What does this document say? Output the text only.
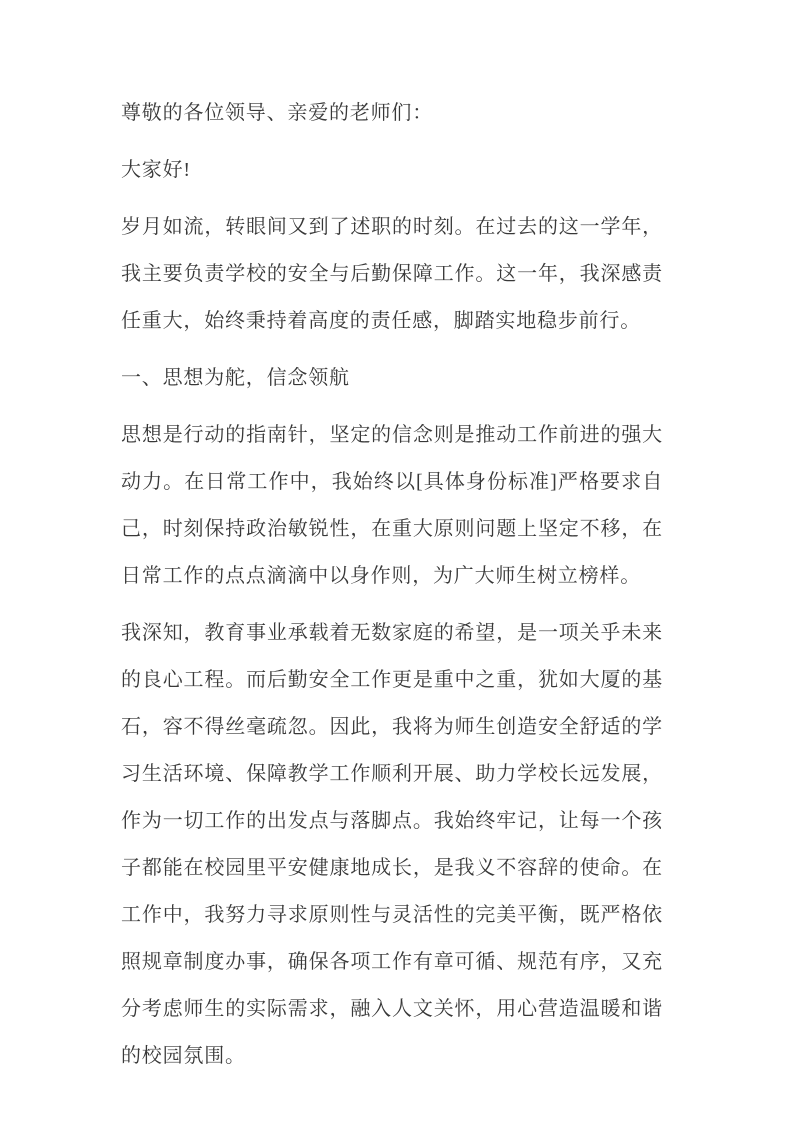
尊敬的各位领导、亲爱的老师们：

大家好!

岁月如流，转眼间又到了述职的时刻。在过去的这一学年，我主要负责学校的安全与后勤保障工作。这一年，我深感责任重大，始终秉持着高度的责任感，脚踏实地稳步前行。

一、思想为舵，信念领航

思想是行动的指南针，坚定的信念则是推动工作前进的强大动力。在日常工作中，我始终以[具体身份标准]严格要求自己，时刻保持政治敏锐性，在重大原则问题上坚定不移，在日常工作的点点滴滴中以身作则，为广大师生树立榜样。

我深知，教育事业承载着无数家庭的希望，是一项关乎未来的良心工程。而后勤安全工作更是重中之重，犹如大厦的基石，容不得丝毫疏忽。因此，我将为师生创造安全舒适的学习生活环境、保障教学工作顺利开展、助力学校长远发展，作为一切工作的出发点与落脚点。我始终牢记，让每一个孩子都能在校园里平安健康地成长，是我义不容辞的使命。在工作中，我努力寻求原则性与灵活性的完美平衡，既严格依照规章制度办事，确保各项工作有章可循、规范有序，又充分考虑师生的实际需求，融入人文关怀，用心营造温暖和谐的校园氛围。
